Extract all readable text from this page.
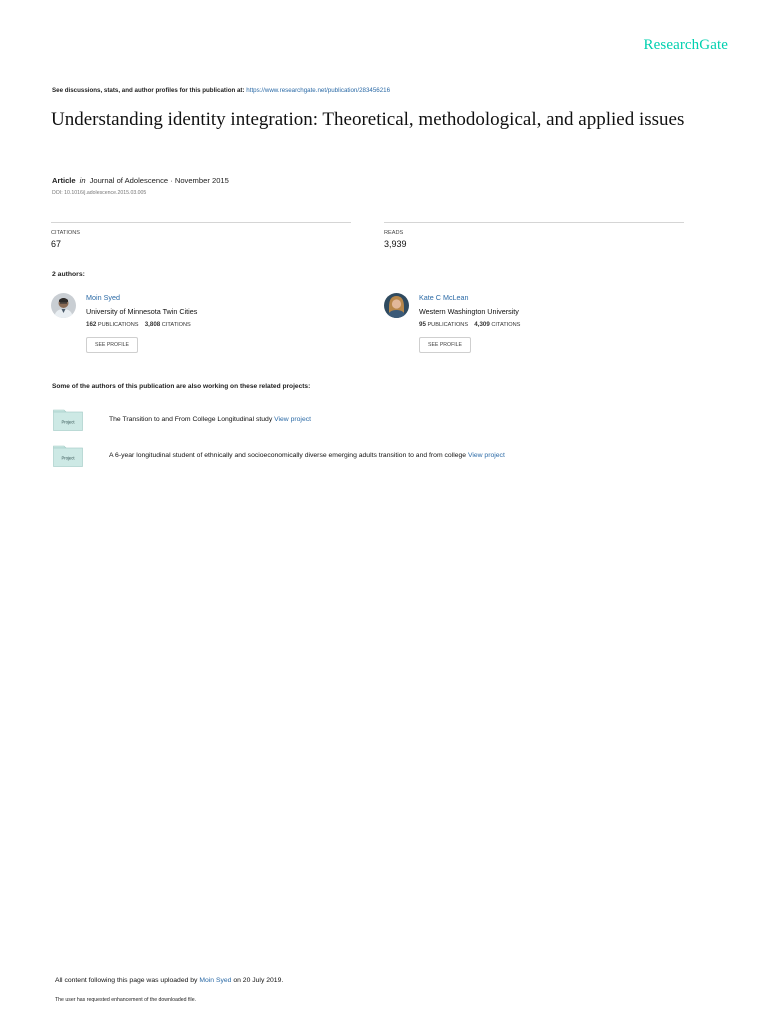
ResearchGate
See discussions, stats, and author profiles for this publication at: https://www.researchgate.net/publication/283456216
Understanding identity integration: Theoretical, methodological, and applied issues
Article in Journal of Adolescence · November 2015
DOI: 10.1016/j.adolescence.2015.03.005
CITATIONS
67
READS
3,939
2 authors:
Moin Syed
University of Minnesota Twin Cities
162 PUBLICATIONS 3,808 CITATIONS
SEE PROFILE
Kate C McLean
Western Washington University
95 PUBLICATIONS 4,309 CITATIONS
SEE PROFILE
Some of the authors of this publication are also working on these related projects:
Project	The Transition to and From College Longitudinal study View project
Project	A 6-year longitudinal student of ethnically and socioeconomically diverse emerging adults transition to and from college View project
All content following this page was uploaded by Moin Syed on 20 July 2019.
The user has requested enhancement of the downloaded file.
